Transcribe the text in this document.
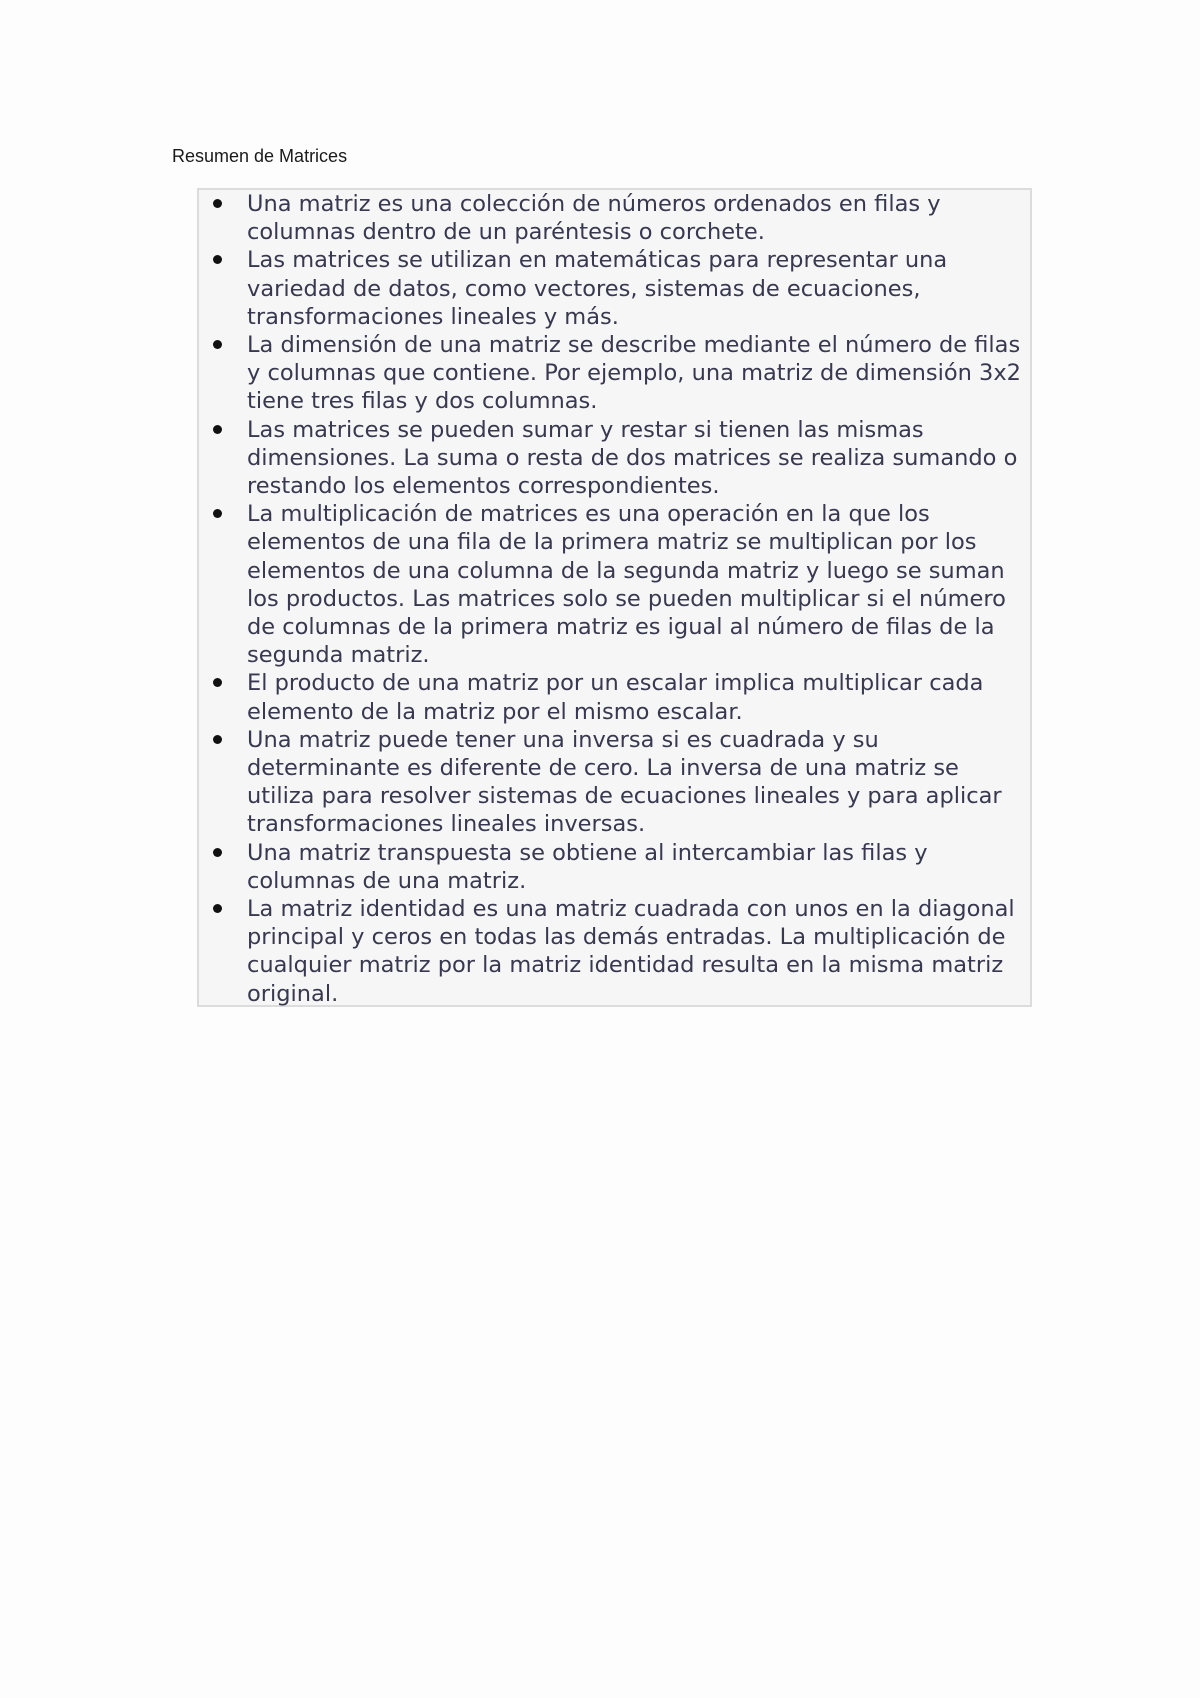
Resumen de Matrices
Una matriz es una colección de números ordenados en filas y columnas dentro de un paréntesis o corchete.
Las matrices se utilizan en matemáticas para representar una variedad de datos, como vectores, sistemas de ecuaciones, transformaciones lineales y más.
La dimensión de una matriz se describe mediante el número de filas y columnas que contiene. Por ejemplo, una matriz de dimensión 3x2 tiene tres filas y dos columnas.
Las matrices se pueden sumar y restar si tienen las mismas dimensiones. La suma o resta de dos matrices se realiza sumando o restando los elementos correspondientes.
La multiplicación de matrices es una operación en la que los elementos de una fila de la primera matriz se multiplican por los elementos de una columna de la segunda matriz y luego se suman los productos. Las matrices solo se pueden multiplicar si el número de columnas de la primera matriz es igual al número de filas de la segunda matriz.
El producto de una matriz por un escalar implica multiplicar cada elemento de la matriz por el mismo escalar.
Una matriz puede tener una inversa si es cuadrada y su determinante es diferente de cero. La inversa de una matriz se utiliza para resolver sistemas de ecuaciones lineales y para aplicar transformaciones lineales inversas.
Una matriz transpuesta se obtiene al intercambiar las filas y columnas de una matriz.
La matriz identidad es una matriz cuadrada con unos en la diagonal principal y ceros en todas las demás entradas. La multiplicación de cualquier matriz por la matriz identidad resulta en la misma matriz original.
